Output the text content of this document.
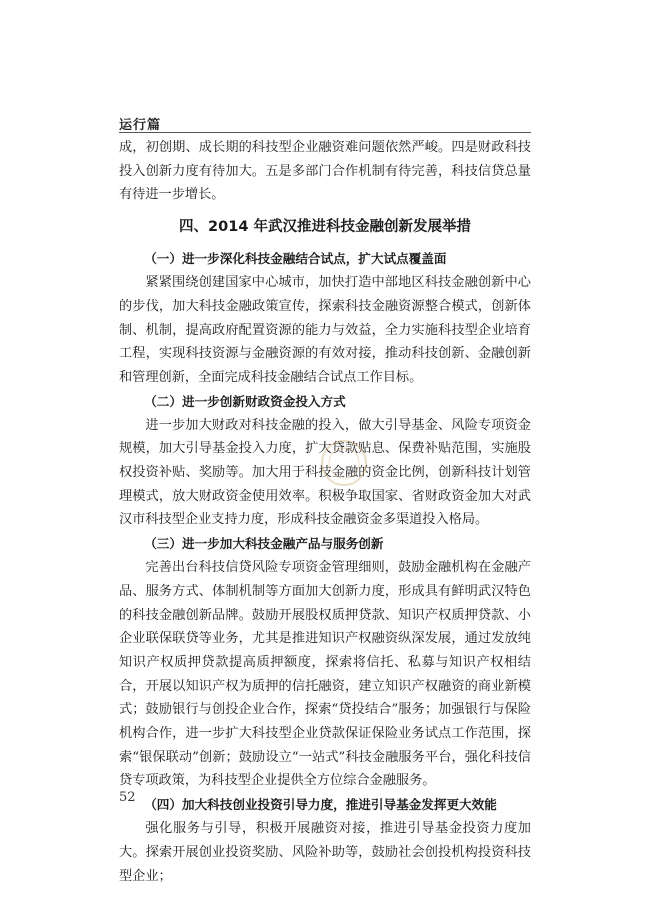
运行篇

成，初创期、成长期的科技型企业融资难问题依然严峻。四是财政科技投入创新力度有待加大。五是多部门合作机制有待完善，科技信贷总量有待进一步增长。

四、2014 年武汉推进科技金融创新发展举措
（一）进一步深化科技金融结合试点，扩大试点覆盖面

紧紧围绕创建国家中心城市，加快打造中部地区科技金融创新中心的步伐，加大科技金融政策宣传，探索科技金融资源整合模式，创新体制、机制，提高政府配置资源的能力与效益，全力实施科技型企业培育工程，实现科技资源与金融资源的有效对接，推动科技创新、金融创新和管理创新，全面完成科技金融结合试点工作目标。

（二）进一步创新财政资金投入方式

进一步加大财政对科技金融的投入，做大引导基金、风险专项资金规模，加大引导基金投入力度，扩大贷款贴息、保费补贴范围，实施股权投资补贴、奖励等。加大用于科技金融的资金比例，创新科技计划管理模式，放大财政资金使用效率。积极争取国家、省财政资金加大对武汉市科技型企业支持力度，形成科技金融资金多渠道投入格局。

（三）进一步加大科技金融产品与服务创新

完善出台科技信贷风险专项资金管理细则，鼓励金融机构在金融产品、服务方式、体制机制等方面加大创新力度，形成具有鲜明武汉特色的科技金融创新品牌。鼓励开展股权质押贷款、知识产权质押贷款、小企业联保联贷等业务，尤其是推进知识产权融资纵深发展，通过发放纯知识产权质押贷款提高质押额度，探索将信托、私募与知识产权相结合，开展以知识产权为质押的信托融资，建立知识产权融资的商业新模式；鼓励银行与创投企业合作，探索“贷投结合”服务；加强银行与保险机构合作，进一步扩大科技型企业贷款保证保险业务试点工作范围，探索“银保联动”创新；鼓励设立“一站式”科技金融服务平台，强化科技信贷专项政策，为科技型企业提供全方位综合金融服务。

（四）加大科技创业投资引导力度，推进引导基金发挥更大效能

强化服务与引导，积极开展融资对接，推进引导基金投资力度加大。探索开展创业投资奖励、风险补助等，鼓励社会创投机构投资科技型企业；

52
